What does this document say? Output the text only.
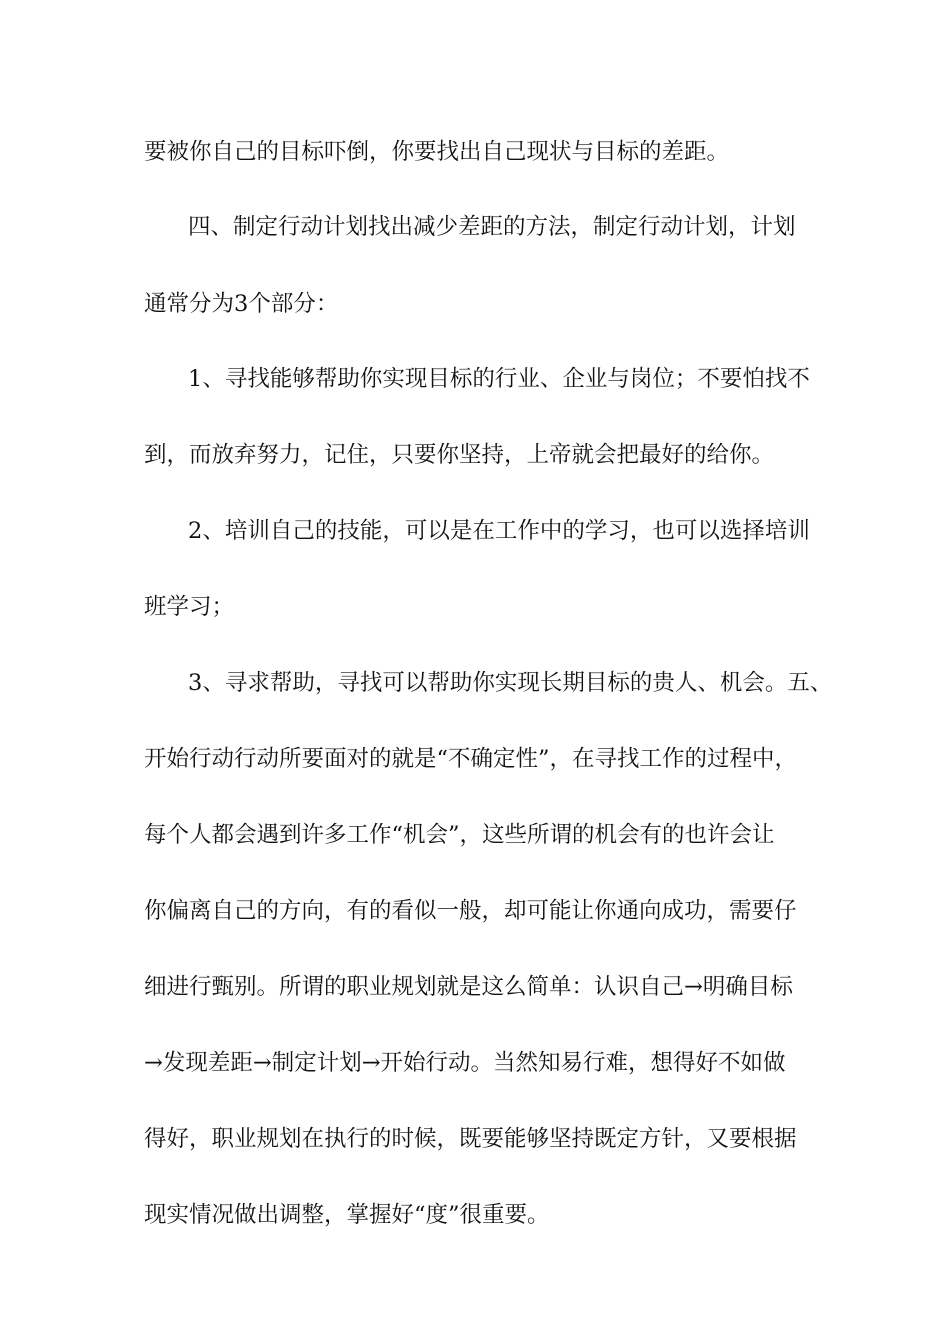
要被你自己的目标吓倒，你要找出自己现状与目标的差距。
四、制定行动计划找出减少差距的方法，制定行动计划，计划
通常分为3个部分：
1、寻找能够帮助你实现目标的行业、企业与岗位；不要怕找不
到，而放弃努力，记住，只要你坚持，上帝就会把最好的给你。
2、培训自己的技能，可以是在工作中的学习，也可以选择培训
班学习；
3、寻求帮助，寻找可以帮助你实现长期目标的贵人、机会。五、
开始行动行动所要面对的就是“不确定性”，在寻找工作的过程中，
每个人都会遇到许多工作“机会”，这些所谓的机会有的也许会让
你偏离自己的方向，有的看似一般，却可能让你通向成功，需要仔
细进行甄别。所谓的职业规划就是这么简单：认识自己→明确目标
→发现差距→制定计划→开始行动。当然知易行难，想得好不如做
得好，职业规划在执行的时候，既要能够坚持既定方针，又要根据
现实情况做出调整，掌握好“度”很重要。
